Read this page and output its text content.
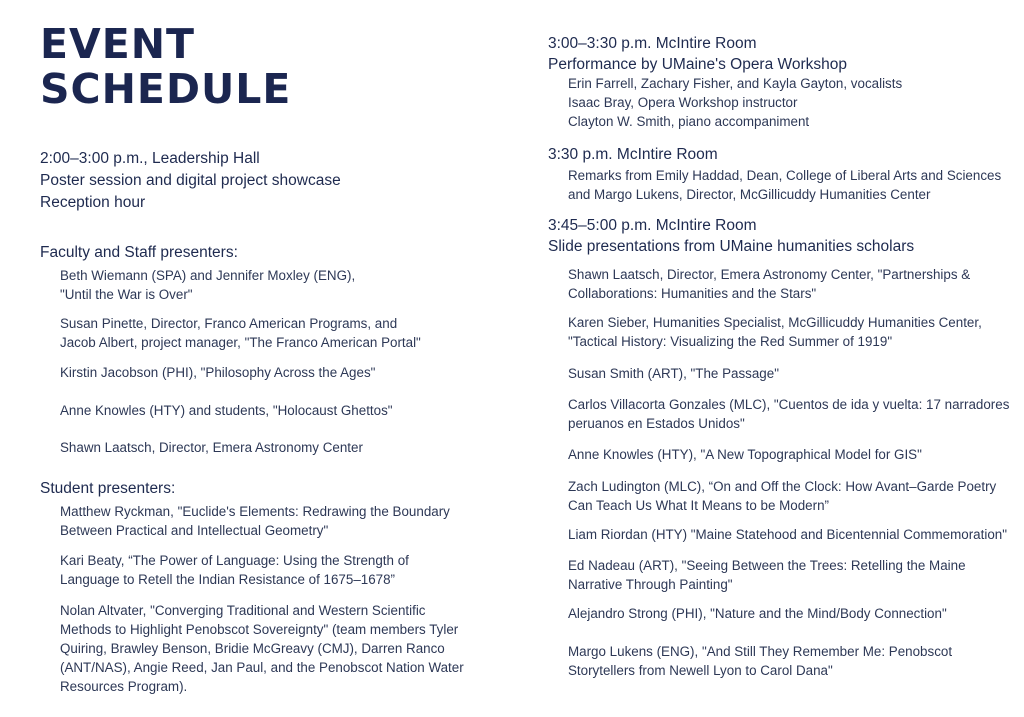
EVENT
SCHEDULE
2:00–3:00 p.m., Leadership Hall
Poster session and digital project showcase
Reception hour
Faculty and Staff presenters:
Beth Wiemann (SPA) and Jennifer Moxley (ENG),
"Until the War is Over"
Susan Pinette, Director, Franco American Programs, and
Jacob Albert, project manager, "The Franco American Portal"
Kirstin Jacobson (PHI), "Philosophy Across the Ages"
Anne Knowles (HTY) and students, "Holocaust Ghettos"
Shawn Laatsch, Director, Emera Astronomy Center
Student presenters:
Matthew Ryckman, "Euclide's Elements: Redrawing the Boundary
Between Practical and Intellectual Geometry"
Kari Beaty, “The Power of Language: Using the Strength of
Language to Retell the Indian Resistance of 1675–1678”
Nolan Altvater, "Converging Traditional and Western Scientific
Methods to Highlight Penobscot Sovereignty" (team members Tyler
Quiring, Brawley Benson, Bridie McGreavy (CMJ), Darren Ranco
(ANT/NAS), Angie Reed, Jan Paul, and the Penobscot Nation Water
Resources Program).
3:00–3:30 p.m. McIntire Room
Performance by UMaine's Opera Workshop
Erin Farrell, Zachary Fisher, and Kayla Gayton, vocalists
Isaac Bray, Opera Workshop instructor
Clayton W. Smith, piano accompaniment
3:30 p.m. McIntire Room
Remarks from Emily Haddad, Dean, College of Liberal Arts and Sciences
and Margo Lukens, Director, McGillicuddy Humanities Center
3:45–5:00 p.m. McIntire Room
Slide presentations from UMaine humanities scholars
Shawn Laatsch, Director, Emera Astronomy Center, "Partnerships &
Collaborations: Humanities and the Stars"
Karen Sieber, Humanities Specialist, McGillicuddy Humanities Center,
"Tactical History: Visualizing the Red Summer of 1919"
Susan Smith (ART), "The Passage"
Carlos Villacorta Gonzales (MLC), "Cuentos de ida y vuelta: 17 narradores
peruanos en Estados Unidos"
Anne Knowles (HTY), "A New Topographical Model for GIS"
Zach Ludington (MLC), “On and Off the Clock: How Avant–Garde Poetry
Can Teach Us What It Means to be Modern”
Liam Riordan (HTY) "Maine Statehood and Bicentennial Commemoration"
Ed Nadeau (ART), "Seeing Between the Trees: Retelling the Maine
Narrative Through Painting"
Alejandro Strong (PHI), "Nature and the Mind/Body Connection"
Margo Lukens (ENG), "And Still They Remember Me: Penobscot
Storytellers from Newell Lyon to Carol Dana"
